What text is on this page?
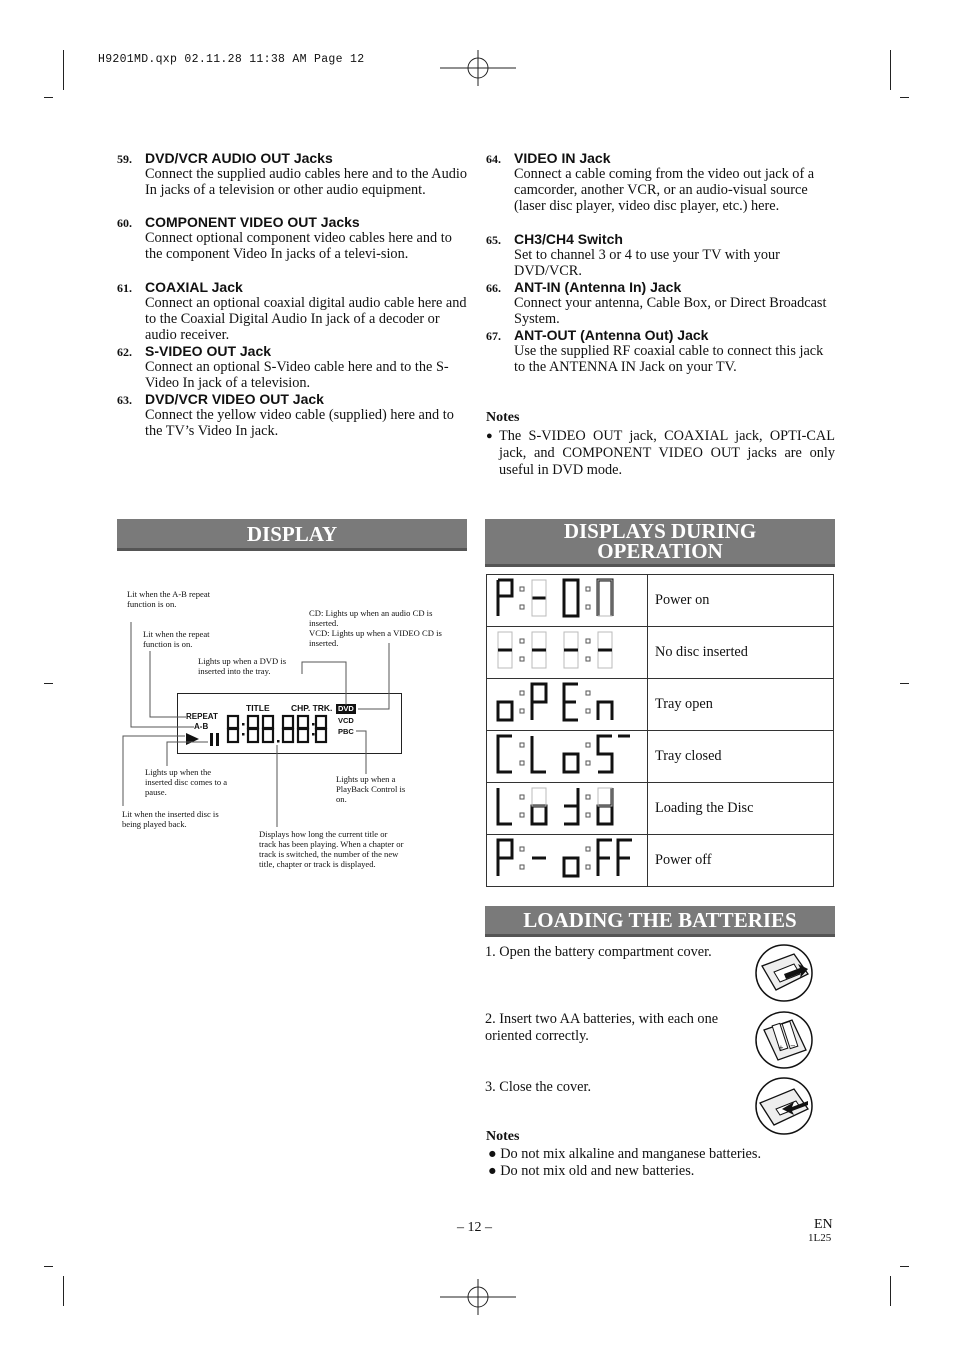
H9201MD.qxp 02.11.28 11:38 AM Page 12
59. DVD/VCR AUDIO OUT Jacks
Connect the supplied audio cables here and to the Audio In jacks of a television or other audio equipment.
60. COMPONENT VIDEO OUT Jacks
Connect optional component video cables here and to the component Video In jacks of a televi-sion.
61. COAXIAL Jack
Connect an optional coaxial digital audio cable here and to the Coaxial Digital Audio In jack of a decoder or audio receiver.
62. S-VIDEO OUT Jack
Connect an optional S-Video cable here and to the S-Video In jack of a television.
63. DVD/VCR VIDEO OUT Jack
Connect the yellow video cable (supplied) here and to the TV’s Video In jack.
64. VIDEO IN Jack
Connect a cable coming from the video out jack of a camcorder, another VCR, or an audio-visual source (laser disc player, video disc player, etc.) here.
65. CH3/CH4 Switch
Set to channel 3 or 4 to use your TV with your DVD/VCR.
66. ANT-IN (Antenna In) Jack
Connect your antenna, Cable Box, or Direct Broadcast System.
67. ANT-OUT (Antenna Out) Jack
Use the supplied RF coaxial cable to connect this jack to the ANTENNA IN Jack on your TV.
Notes
● The S-VIDEO OUT jack, COAXIAL jack, OPTI-CAL jack, and COMPONENT VIDEO OUT jacks are only useful in DVD mode.
DISPLAY
TITLE	CHP. TRK.
REPEAT
A-B
DVD
VCD
PBC
Lit when the A-B repeat function is on.
Lit when the repeat function is on.
Lights up when a DVD is inserted into the tray.
CD: Lights up when an audio CD is inserted.
VCD: Lights up when a VIDEO CD is inserted.
Lights up when the inserted disc comes to a pause.
Lit when the inserted disc is being played back.
Lights up when a PlayBack Control is on.
Displays how long the current title or track has been playing. When a chapter or track is switched, the number of the new title, chapter or track is displayed.
DISPLAYS DURING
OPERATION
	Power on
	No disc inserted
	Tray open
	Tray closed
	Loading the Disc
	Power off
LOADING THE BATTERIES
1. Open the battery compartment cover.
2. Insert two AA batteries, with each one oriented correctly.
3. Close the cover.
+ −
Notes
● Do not mix alkaline and manganese batteries.
● Do not mix old and new batteries.
– 12 –	EN
1L25
